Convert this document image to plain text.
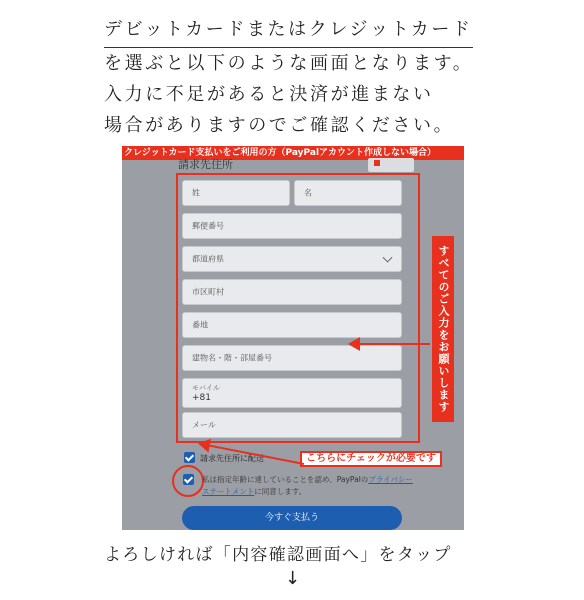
デビットカードまたはクレジットカード
を選ぶと以下のような画面となります。
入力に不足があると決済が進まない
場合がありますのでご確認ください。
クレジットカード支払いをご利用の方（PayPalアカウント作成しない場合）
請求先住所
姓	名
郵便番号
都道府県
市区町村
番地
建物名・階・部屋番号
モバイル
+81
メール
すべてのご入力をお願いします
請求先住所に配送	こちらにチェックが必要です
私は指定年齢に達していることを認め、PayPalのプライバシー
ステートメントに同意します。
今すぐ支払う
よろしければ「内容確認画面へ」をタップ
↓
